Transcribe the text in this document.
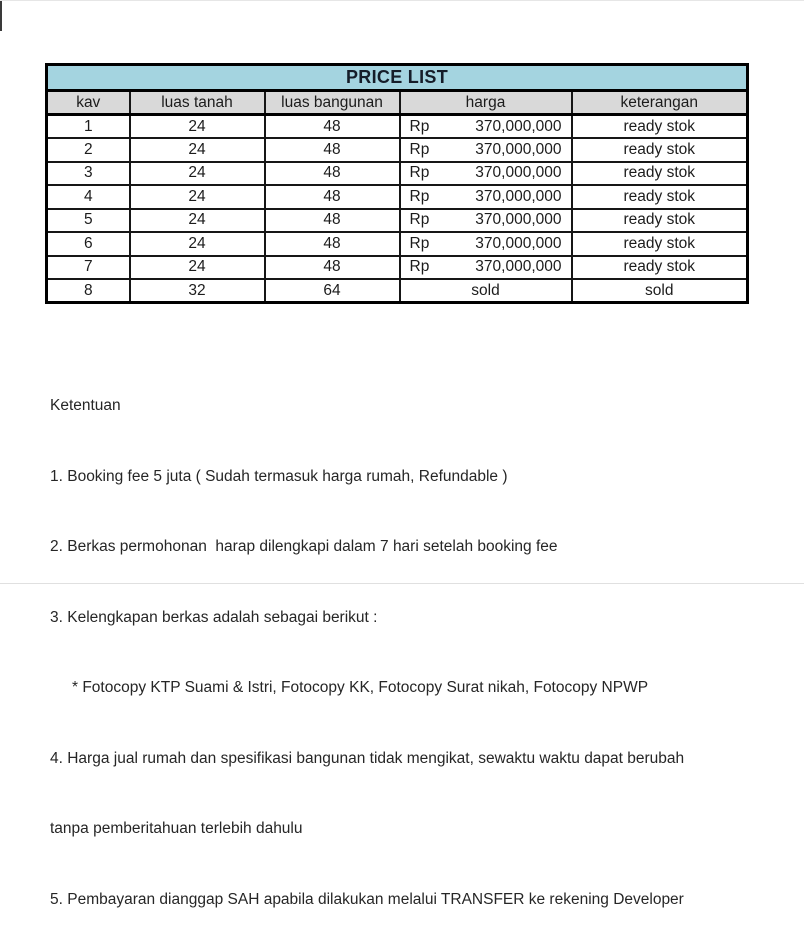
PRICE LIST				
kav	luas tanah	luas bangunan	harga	keterangan
1	24	48	Rp 370,000,000	ready stok
2	24	48	Rp 370,000,000	ready stok
3	24	48	Rp 370,000,000	ready stok
4	24	48	Rp 370,000,000	ready stok
5	24	48	Rp 370,000,000	ready stok
6	24	48	Rp 370,000,000	ready stok
7	24	48	Rp 370,000,000	ready stok
8	32	64	sold	sold

Ketentuan

1. Booking fee 5 juta ( Sudah termasuk harga rumah, Refundable )

2. Berkas permohonan  harap dilengkapi dalam 7 hari setelah booking fee

3. Kelengkapan berkas adalah sebagai berikut :

* Fotocopy KTP Suami & Istri, Fotocopy KK, Fotocopy Surat nikah, Fotocopy NPWP

4. Harga jual rumah dan spesifikasi bangunan tidak mengikat, sewaktu waktu dapat berubah

tanpa pemberitahuan terlebih dahulu

5. Pembayaran dianggap SAH apabila dilakukan melalui TRANSFER ke rekening Developer
